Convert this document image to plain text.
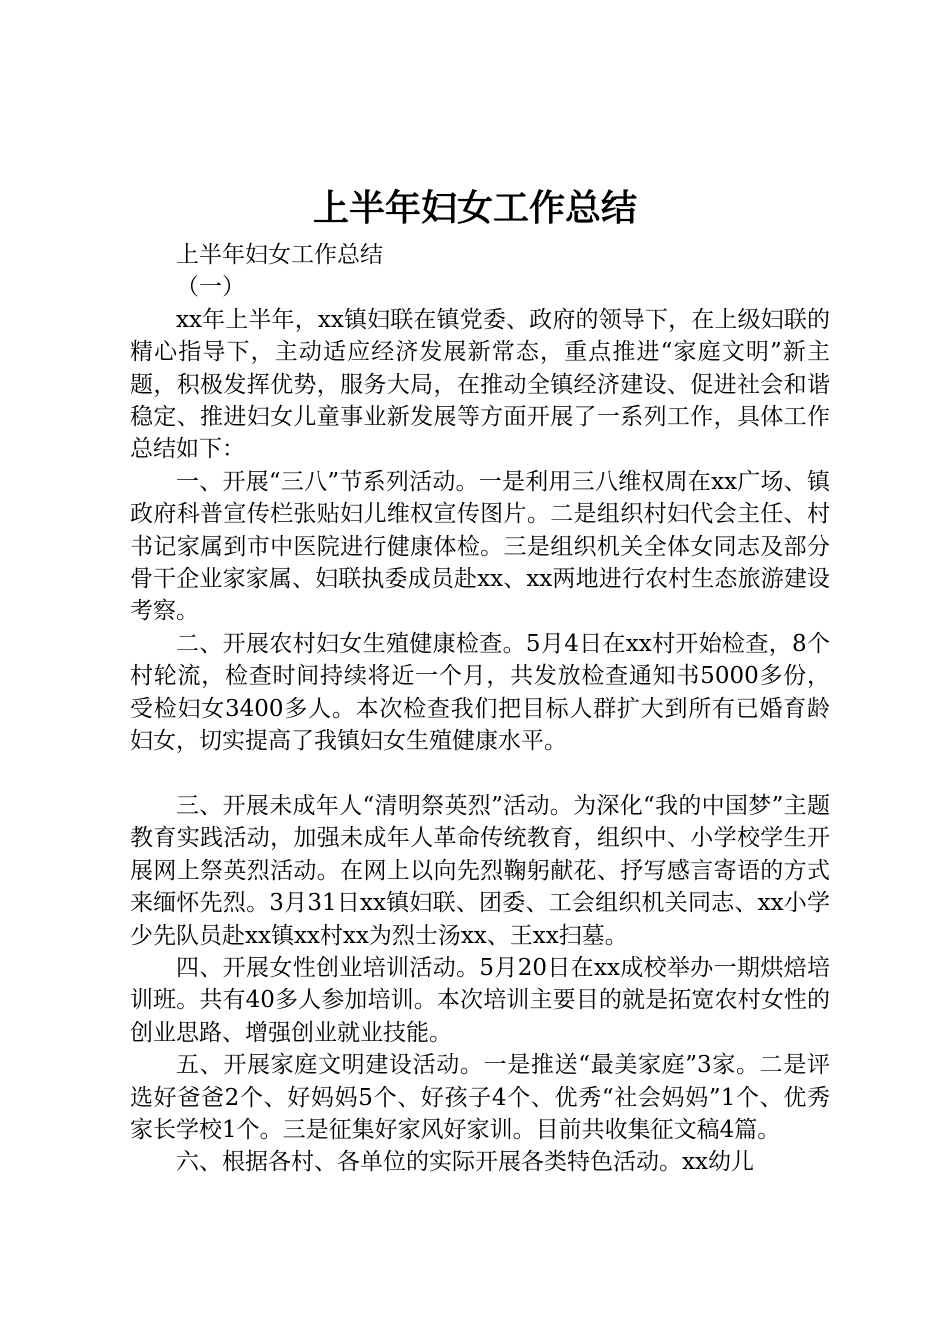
上半年妇女工作总结

上半年妇女工作总结

（一）

xx年上半年，xx镇妇联在镇党委、政府的领导下，在上级妇联的精心指导下，主动适应经济发展新常态，重点推进“家庭文明”新主题，积极发挥优势，服务大局，在推动全镇经济建设、促进社会和谐稳定、推进妇女儿童事业新发展等方面开展了一系列工作，具体工作总结如下：

一、开展“三八”节系列活动。一是利用三八维权周在xx广场、镇政府科普宣传栏张贴妇儿维权宣传图片。二是组织村妇代会主任、村书记家属到市中医院进行健康体检。三是组织机关全体女同志及部分骨干企业家家属、妇联执委成员赴xx、xx两地进行农村生态旅游建设考察。

二、开展农村妇女生殖健康检查。5月4日在xx村开始检查，8个村轮流，检查时间持续将近一个月，共发放检查通知书5000多份，受检妇女3400多人。本次检查我们把目标人群扩大到所有已婚育龄妇女，切实提高了我镇妇女生殖健康水平。

三、开展未成年人“清明祭英烈”活动。为深化“我的中国梦”主题教育实践活动，加强未成年人革命传统教育，组织中、小学校学生开展网上祭英烈活动。在网上以向先烈鞠躬献花、抒写感言寄语的方式来缅怀先烈。3月31日xx镇妇联、团委、工会组织机关同志、xx小学少先队员赴xx镇xx村xx为烈士汤xx、王xx扫墓。

四、开展女性创业培训活动。5月20日在xx成校举办一期烘焙培训班。共有40多人参加培训。本次培训主要目的就是拓宽农村女性的创业思路、增强创业就业技能。

五、开展家庭文明建设活动。一是推送“最美家庭”3家。二是评选好爸爸2个、好妈妈5个、好孩子4个、优秀“社会妈妈”1个、优秀家长学校1个。三是征集好家风好家训。目前共收集征文稿4篇。

六、根据各村、各单位的实际开展各类特色活动。xx幼儿
